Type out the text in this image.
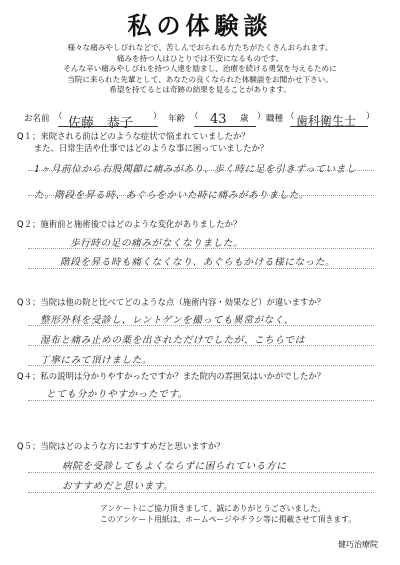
私の体験談
様々な痛みやしびれなどで、苦しんでおられる方たちがたくさんおられます。
痛みを持つ人はひとりでは不安になるものです。
そんな辛い痛みやしびれを持つ人達を励まし、治療を続ける勇気を与えるために
当院に来られた先輩として、あなたの良くなられた体験談をお聞かせ下さい。
希望を持てるとは奇跡の結果を見ることがあります。
お名前 （ 佐藤　恭子 ） 年齢 （ 43 歳 ） 職種 （ 歯科衛生士 ）
Q１；来院される前はどのような症状で悩まれていましたか？
　　また、日常生活や仕事ではどのような事に困っていましたか？
1ヶ月前位から右股関節に痛みがあり、歩く時に足を引きずっていました。階段を昇る時、あぐらをかいた時に痛みがありました。
Q２；施術前と施術後ではどのような変化がありましたか？
歩行時の足の痛みがなくなりました。
階段を昇る時も痛くなくなり、あぐらもかける様になった。
Q３；当院は他の院と比べてどのような点（施術内容・効果など）が違いますか？
整形外科を受診し、レントゲンを撮っても異常がなく、
湿布と痛み止めの薬を出されただけでしたが、こちらでは
丁寧にみて頂けました。
Q４；私の説明は分かりやすかったですか？また院内の雰囲気はいかがでしたか？
とても分かりやすかったです。
Q５；当院はどのような方におすすめだと思いますか？
病院を受診してもよくならずに困られている方に
おすすめだと思います。
アンケートにご協力頂きまして、誠にありがとうございました。
このアンケート用紙は、ホームページやチラシ等に掲載させて頂きます。
健巧治療院
